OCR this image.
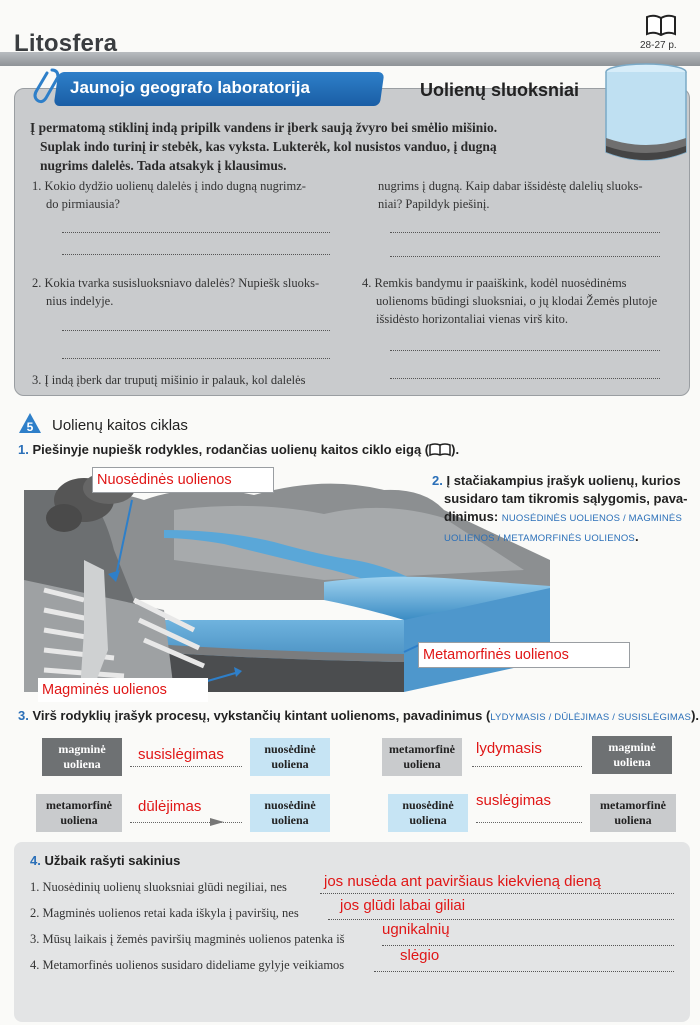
Litosfera	28-27 p.
Jaunojo geografo laboratorija	Uolienų sluoksniai
Į permatomą stiklinį indą pripilk vandens ir įberk saują žvyro bei smėlio mišinio.
Suplak indo turinį ir stebėk, kas vyksta. Lukterėk, kol nusistos vanduo, į dugną
nugrims dalelės. Tada atsakyk į klausimus.
1. Kokio dydžio uolienų dalelės į indo dugną nugrimz-
do pirmiausia?
2. Kokia tvarka susisluoksniavo dalelės? Nupiešk sluoks-
nius indelyje.
3. Į indą įberk dar truputį mišinio ir palauk, kol dalelės
nugrims į dugną. Kaip dabar išsidėstę dalelių sluoks-
niai? Papildyk piešinį.
4. Remkis bandymu ir paaiškink, kodėl nuosėdinėms
uolienoms būdingi sluoksniai, o jų klodai Žemės plutoje
išsidėsto horizontaliai vienas virš kito.
5 Uolienų kaitos ciklas
1. Piešinyje nupiešk rodykles, rodančias uolienų kaitos ciklo eigą ( ).
Nuosėdinės uolienos
Metamorfinės uolienos
Magminės uolienos
2. Į stačiakampius įrašyk uolienų, kurios
susidaro tam tikromis sąlygomis, pava-
dinimus: NUOSĖDINĖS UOLIENOS / MAGMINĖS
UOLIENOS / METAMORFINĖS UOLIENOS.
3. Virš rodyklių įrašyk procesų, vykstančių kintant uolienoms, pavadinimus (LYDYMASIS / DŪLĖJIMAS / SUSISLĖGIMAS).
magminė
uoliena
susislėgimas	nuosėdinė
uoliena
metamorfinė
uoliena
lydymasis	magminė
uoliena
metamorfinė
uoliena
dūlėjimas	nuosėdinė
uoliena
nuosėdinė
uoliena
suslėgimas	metamorfinė
uoliena
4. Užbaik rašyti sakinius
1. Nuosėdinių uolienų sluoksniai glūdi negiliai, nes jos nusėda ant paviršiaus kiekvieną dieną
2. Magminės uolienos retai kada iškyla į paviršių, nes	jos glūdi labai giliai
3. Mūsų laikais į žemės paviršių magminės uolienos patenka iš
ugnikalnių
4. Metamorfinės uolienos susidaro dideliame gylyje veikiamos
slėgio
